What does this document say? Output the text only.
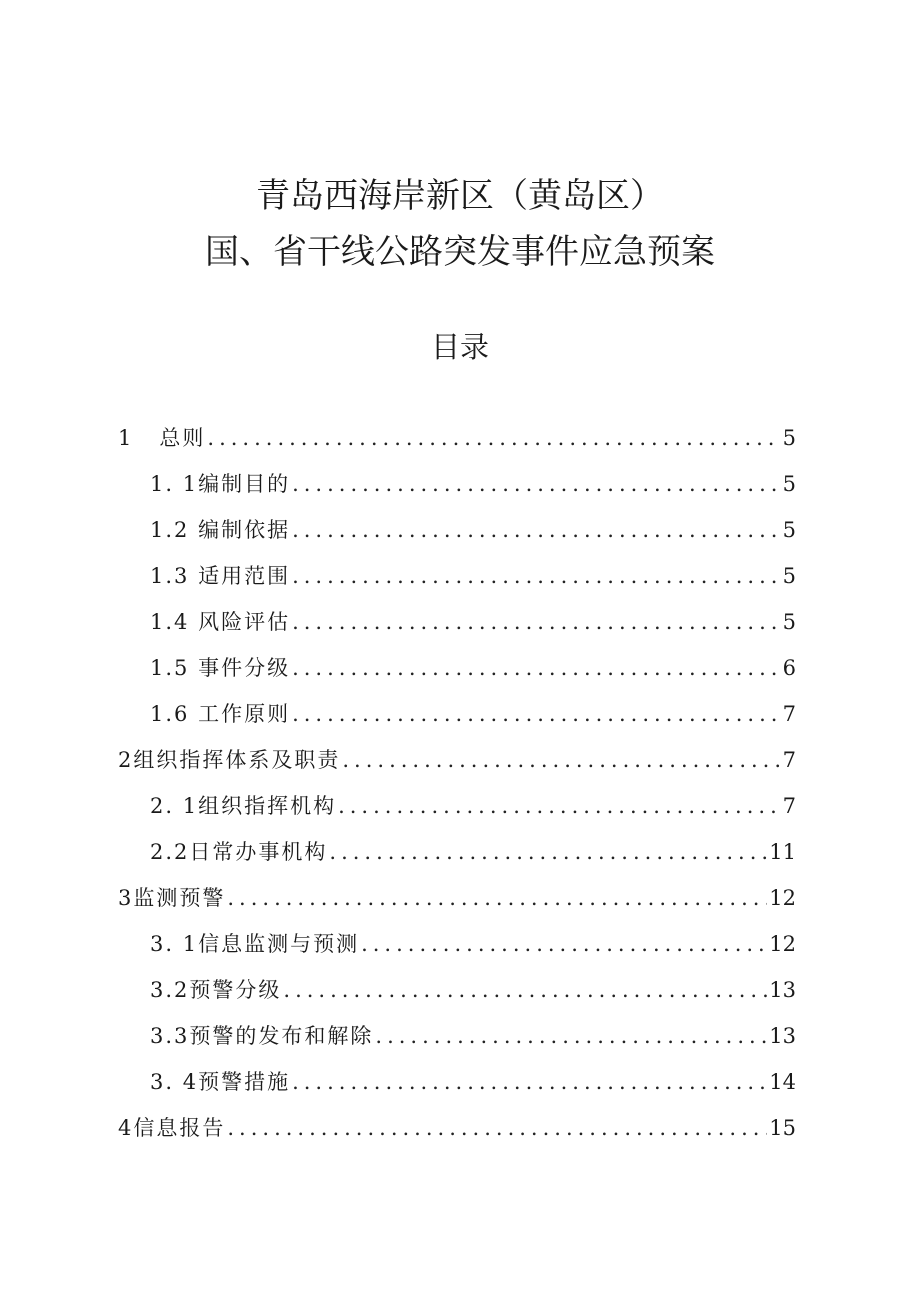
青岛西海岸新区（黄岛区）
国、省干线公路突发事件应急预案
目录
1 总则 .....	5
1. 1 编制目的 .....	5
1.2 编制依据 .....	5
1.3 适用范围 .....	5
1.4 风险评估 .....	5
1.5 事件分级 .....	6
1.6 工作原则 .....	7
2 组织指挥体系及职责 .....	7
2. 1 组织指挥机构 .....	7
2.2 日常办事机构 .....	11
3 监测预警 .....	12
3. 1 信息监测与预测 .....	12
3.2 预警分级 .....	13
3.3 预警的发布和解除 .....	13
3. 4 预警措施 .....	14
4 信息报告 .....	15
